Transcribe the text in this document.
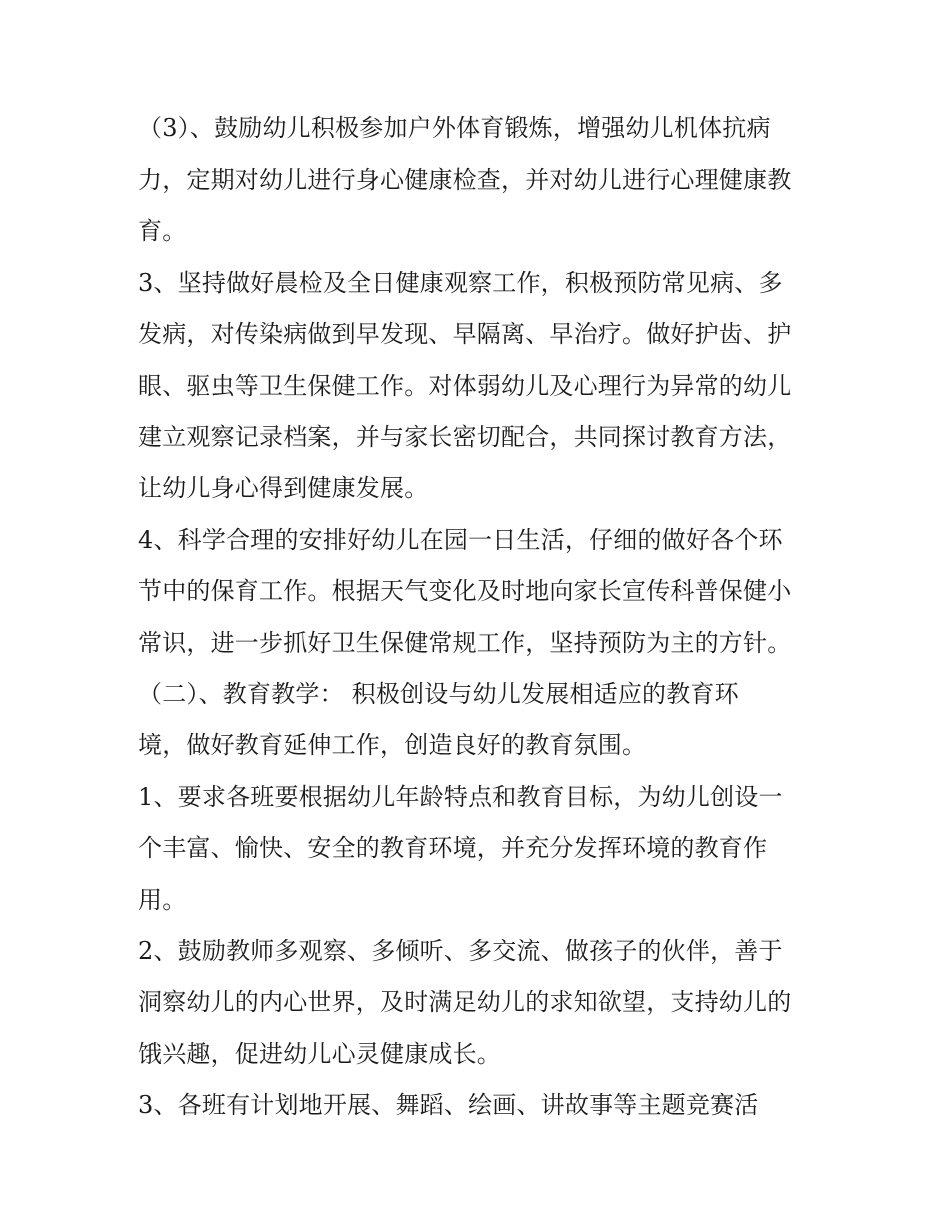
（3）、鼓励幼儿积极参加户外体育锻炼，增强幼儿机体抗病
力，定期对幼儿进行身心健康检查，并对幼儿进行心理健康教
育。
3、坚持做好晨检及全日健康观察工作，积极预防常见病、多
发病，对传染病做到早发现、早隔离、早治疗。做好护齿、护
眼、驱虫等卫生保健工作。对体弱幼儿及心理行为异常的幼儿
建立观察记录档案，并与家长密切配合，共同探讨教育方法，
让幼儿身心得到健康发展。
4、科学合理的安排好幼儿在园一日生活，仔细的做好各个环
节中的保育工作。根据天气变化及时地向家长宣传科普保健小
常识，进一步抓好卫生保健常规工作，坚持预防为主的方针。
（二）、教育教学： 积极创设与幼儿发展相适应的教育环
境，做好教育延伸工作，创造良好的教育氛围。
1、要求各班要根据幼儿年龄特点和教育目标，为幼儿创设一
个丰富、愉快、安全的教育环境，并充分发挥环境的教育作
用。
2、鼓励教师多观察、多倾听、多交流、做孩子的伙伴，善于
洞察幼儿的内心世界，及时满足幼儿的求知欲望，支持幼儿的
饿兴趣，促进幼儿心灵健康成长。
3、各班有计划地开展、舞蹈、绘画、讲故事等主题竞赛活
